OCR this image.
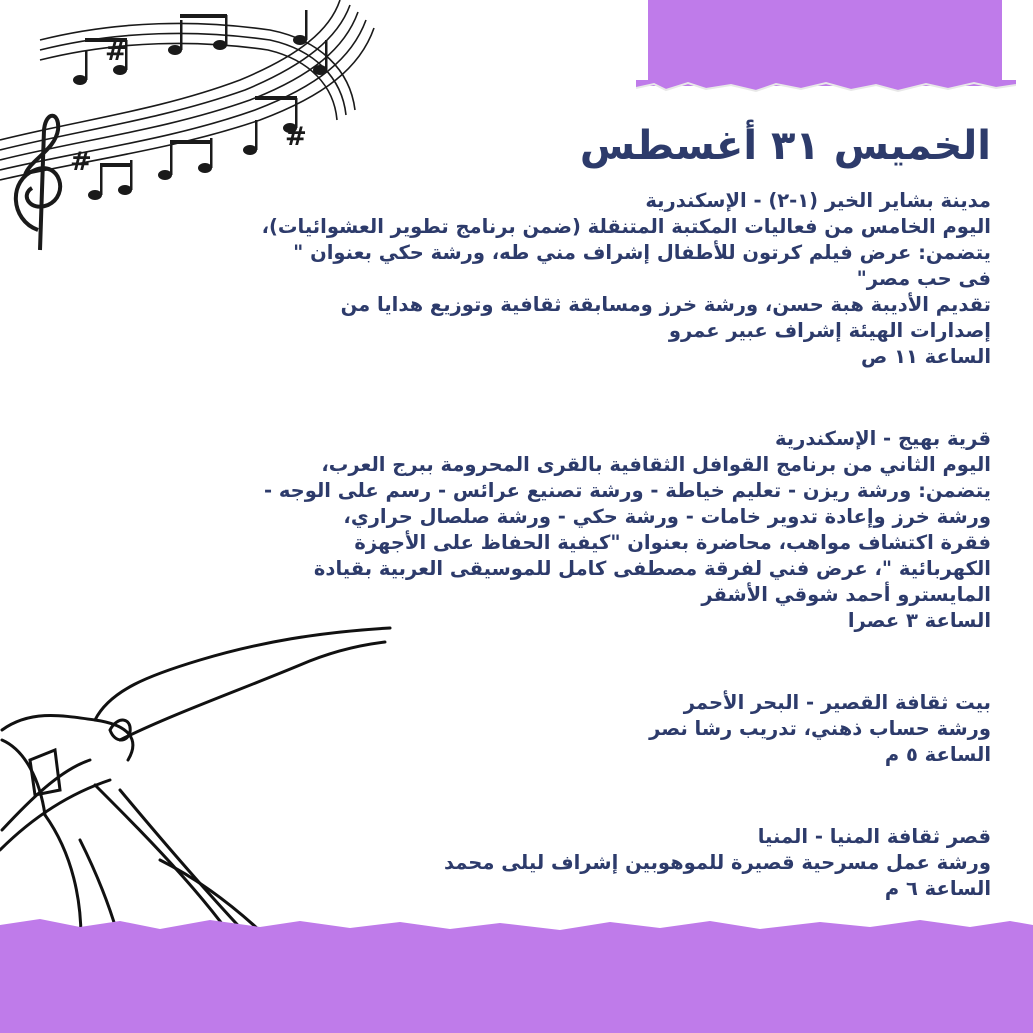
#
#
#
الخميس ٣١ أغسطس

مدينة بشاير الخير (١-٢) - الإسكندرية

اليوم الخامس من فعاليات المكتبة المتنقلة (ضمن برنامج تطوير العشوائيات)،

يتضمن: عرض فيلم كرتون للأطفال إشراف مني طه، ورشة حكي بعنوان "

فى حب مصر"

تقديم الأديبة هبة حسن، ورشة خرز ومسابقة ثقافية وتوزيع هدايا من

إصدارات الهيئة إشراف عبير عمرو

الساعة ١١ ص

قرية بهيج - الإسكندرية

اليوم الثاني من برنامج القوافل الثقافية بالقرى المحرومة ببرج العرب،

يتضمن: ورشة ريزن - تعليم خياطة - ورشة تصنيع عرائس - رسم على الوجه -

ورشة خرز وإعادة تدوير خامات - ورشة حكي - ورشة صلصال حراري،

فقرة اكتشاف مواهب، محاضرة بعنوان "كيفية الحفاظ على الأجهزة

الكهربائية "، عرض فني لفرقة مصطفى كامل للموسيقى العربية بقيادة

المايسترو أحمد شوقي الأشقر

الساعة ٣ عصرا

بيت ثقافة القصير - البحر الأحمر

ورشة حساب ذهني، تدريب رشا نصر

الساعة ٥ م

قصر ثقافة المنيا - المنيا

ورشة عمل مسرحية قصيرة للموهوبين إشراف ليلى محمد

الساعة ٦ م
